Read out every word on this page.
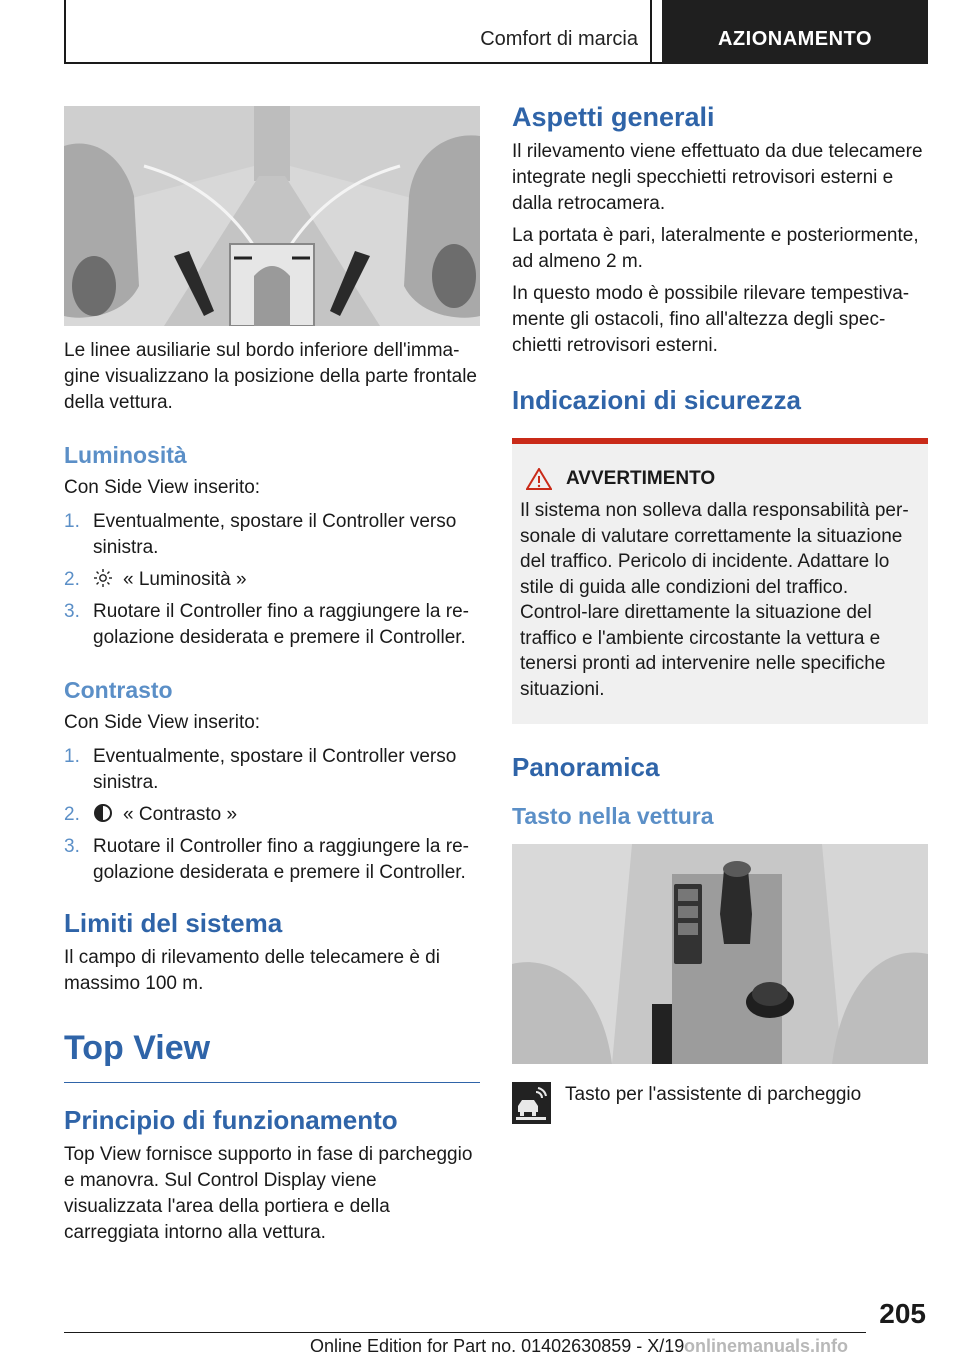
Comfort di marcia	AZIONAMENTO

Le linee ausiliarie sul bordo inferiore dell'imma-gine visualizzano la posizione della parte frontale della vettura.

Luminosità

Con Side View inserito:

1. Eventualmente, spostare il Controller verso sinistra.
2. « Luminosità »
3. Ruotare il Controller fino a raggiungere la re-golazione desiderata e premere il Controller.
Contrasto

Con Side View inserito:

1. Eventualmente, spostare il Controller verso sinistra.
2. « Contrasto »
3. Ruotare il Controller fino a raggiungere la re-golazione desiderata e premere il Controller.
Limiti del sistema

Il campo di rilevamento delle telecamere è di massimo 100 m.

Top View
Principio di funzionamento

Top View fornisce supporto in fase di parcheggio e manovra. Sul Control Display viene visualizzata l'area della portiera e della carreggiata intorno alla vettura.

Aspetti generali

Il rilevamento viene effettuato da due telecamere integrate negli specchietti retrovisori esterni e dalla retrocamera.

La portata è pari, lateralmente e posteriormente, ad almeno 2 m.

In questo modo è possibile rilevare tempestiva-mente gli ostacoli, fino all'altezza degli spec-chietti retrovisori esterni.

Indicazioni di sicurezza
AVVERTIMENTO
Il sistema non solleva dalla responsabilità per-sonale di valutare correttamente la situazione del traffico. Pericolo di incidente. Adattare lo stile di guida alle condizioni del traffico. Control-lare direttamente la situazione del traffico e l'ambiente circostante la vettura e tenersi pronti ad intervenire nelle specifiche situazioni.
Panoramica
Tasto nella vettura
Tasto per l'assistente di parcheggio
205
Online Edition for Part no. 01402630859 - X/19 onlinemanuals.info
